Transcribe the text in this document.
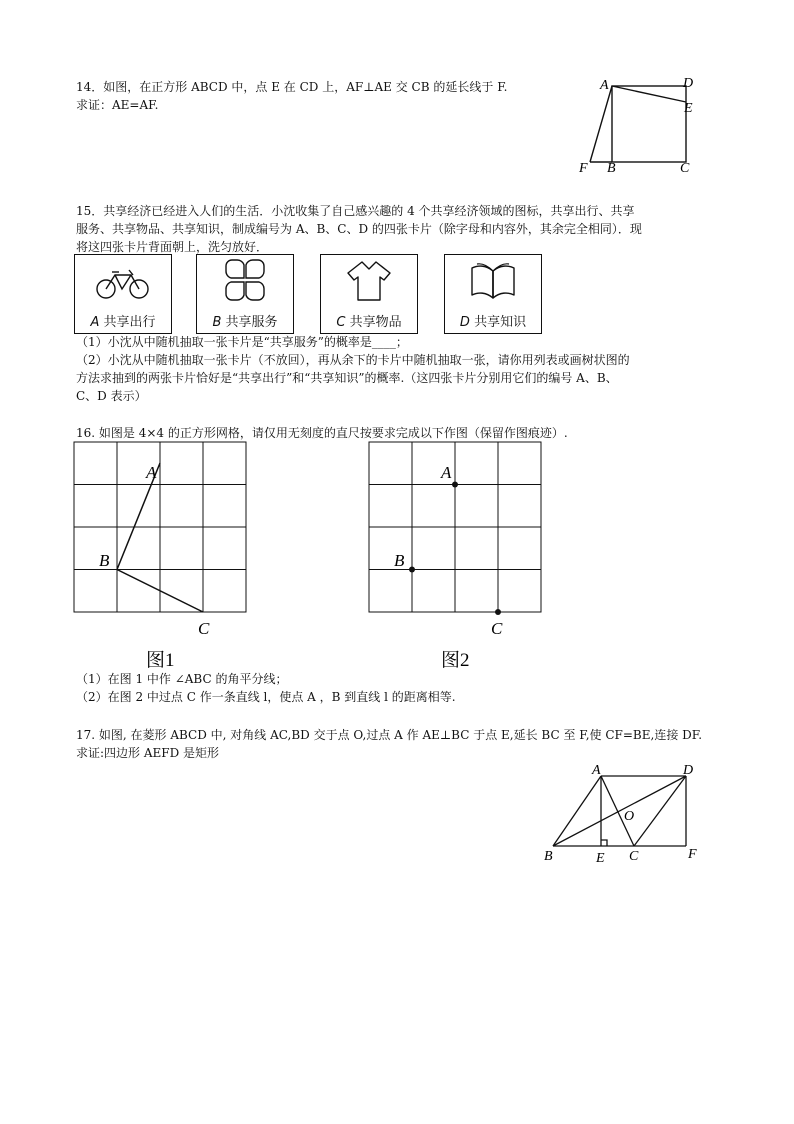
14．如图，在正方形 ABCD 中，点 E 在 CD 上，AF⊥AE 交 CB 的延长线于 F.
求证：AE=AF.
A	D
E
F B	C
15．共享经济已经进入人们的生活．小沈收集了自己感兴趣的 4 个共享经济领域的图标，共享出行、共享
服务、共享物品、共享知识，制成编号为 A、B、C、D 的四张卡片（除字母和内容外，其余完全相同）．现
将这四张卡片背面朝上，洗匀放好．
A 共享出行	B 共享服务	C 共享物品	D 共享知识
（1）小沈从中随机抽取一张卡片是“共享服务”的概率是____；
（2）小沈从中随机抽取一张卡片（不放回），再从余下的卡片中随机抽取一张，请你用列表或画树状图的
方法求抽到的两张卡片恰好是“共享出行”和“共享知识”的概率.（这四张卡片分别用它们的编号 A、B、
C、D 表示）
16. 如图是 4×4 的正方形网格，请仅用无刻度的直尺按要求完成以下作图（保留作图痕迹）.
A
B
C
图1
A
B
C
图2
（1）在图 1 中作 ∠ABC 的角平分线；
（2）在图 2 中过点 C 作一条直线 l，使点 A ，B 到直线 l 的距离相等.
17. 如图, 在菱形 ABCD 中, 对角线 AC,BD 交于点 O,过点 A 作 AE⊥BC 于点 E,延长 BC 至 F,使 CF=BE,连接 DF.
求证:四边形 AEFD 是矩形
A	D
O
B	E C	F
